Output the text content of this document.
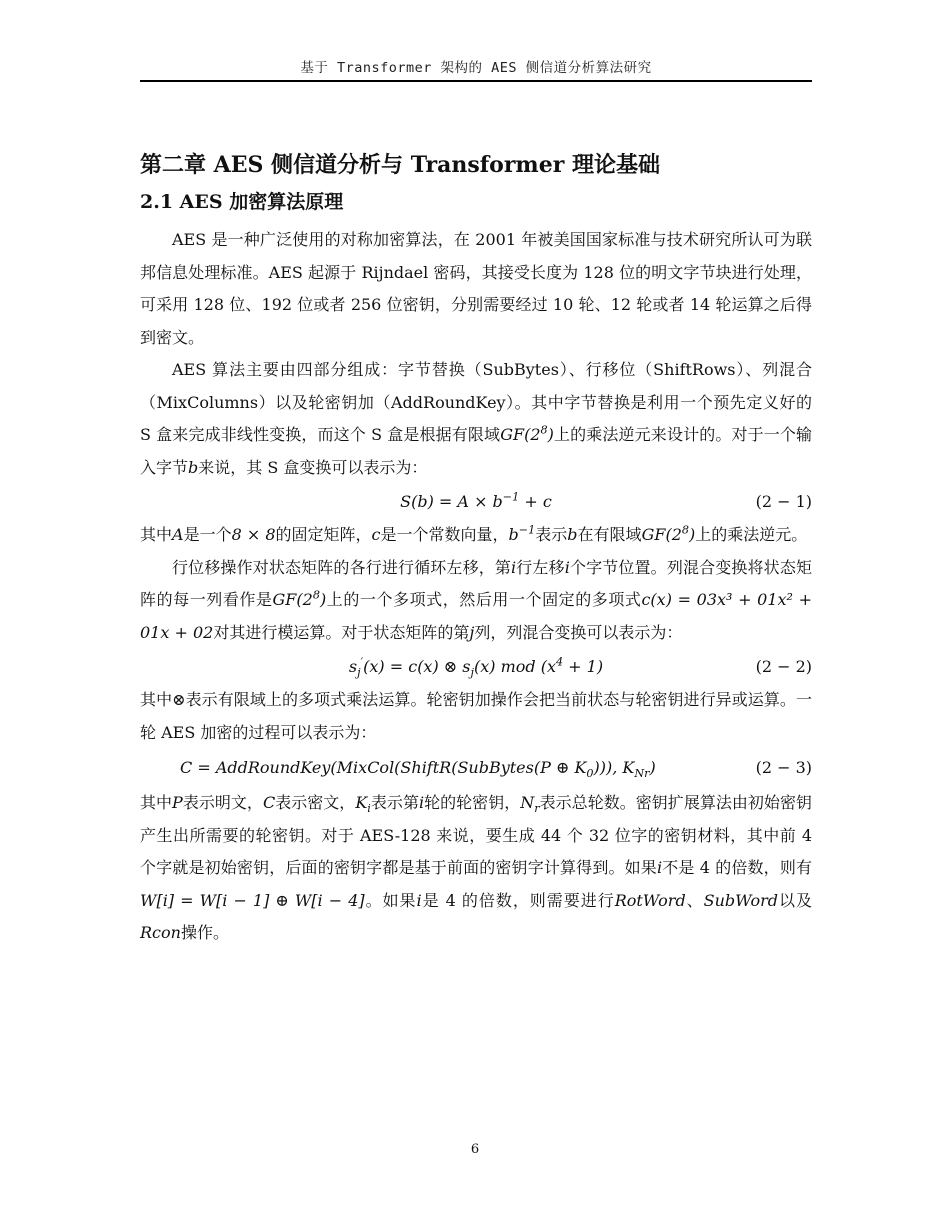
基于 Transformer 架构的 AES 侧信道分析算法研究
第二章 AES 侧信道分析与 Transformer 理论基础
2.1 AES 加密算法原理

AES 是一种广泛使用的对称加密算法，在 2001 年被美国国家标准与技术研究所认可为联邦信息处理标准。AES 起源于 Rijndael 密码，其接受长度为 128 位的明文字节块进行处理，可采用 128 位、192 位或者 256 位密钥，分别需要经过 10 轮、12 轮或者 14 轮运算之后得到密文。

AES 算法主要由四部分组成：字节替换（SubBytes）、行移位（ShiftRows）、列混合（MixColumns）以及轮密钥加（AddRoundKey）。其中字节替换是利用一个预先定义好的 S 盒来完成非线性变换，而这个 S 盒是根据有限域$GF(2^8)$上的乘法逆元来设计的。对于一个输入字节b来说，其 S 盒变换可以表示为：

$S(b) = A \times b^{-1} + c$	(2 − 1)

其中A是一个8 × 8的固定矩阵，c是一个常数向量，$b^{-1}$表示b在有限域$GF(2^8)$上的乘法逆元。

行位移操作对状态矩阵的各行进行循环左移，第i行左移i个字节位置。列混合变换将状态矩阵的每一列看作是$GF(2^8)$上的一个多项式，然后用一个固定的多项式c(x) = 03x³ + 01x² + 01x + 02对其进行模运算。对于状态矩阵的第j列，列混合变换可以表示为：

$s_j'(x) = c(x)$ ⊗ $s_j(x)$ mod $(x^4 + 1)$	(2 − 2)

其中⊗表示有限域上的多项式乘法运算。轮密钥加操作会把当前状态与轮密钥进行异或运算。一轮 AES 加密的过程可以表示为：

C = AddRoundKey(MixCol(ShiftR(SubBytes(P ⊕ $K_0$))), $K_{Nr}$)	(2 − 3)

其中P表示明文，C表示密文，$K_i$表示第i轮的轮密钥，$N_r$表示总轮数。密钥扩展算法由初始密钥产生出所需要的轮密钥。对于 AES-128 来说，要生成 44 个 32 位字的密钥材料，其中前 4 个字就是初始密钥，后面的密钥字都是基于前面的密钥字计算得到。如果i不是 4 的倍数，则有W[i] = W[i − 1] ⊕ W[i − 4]。如果i是 4 的倍数，则需要进行RotWord、SubWord以及Rcon操作。

6
